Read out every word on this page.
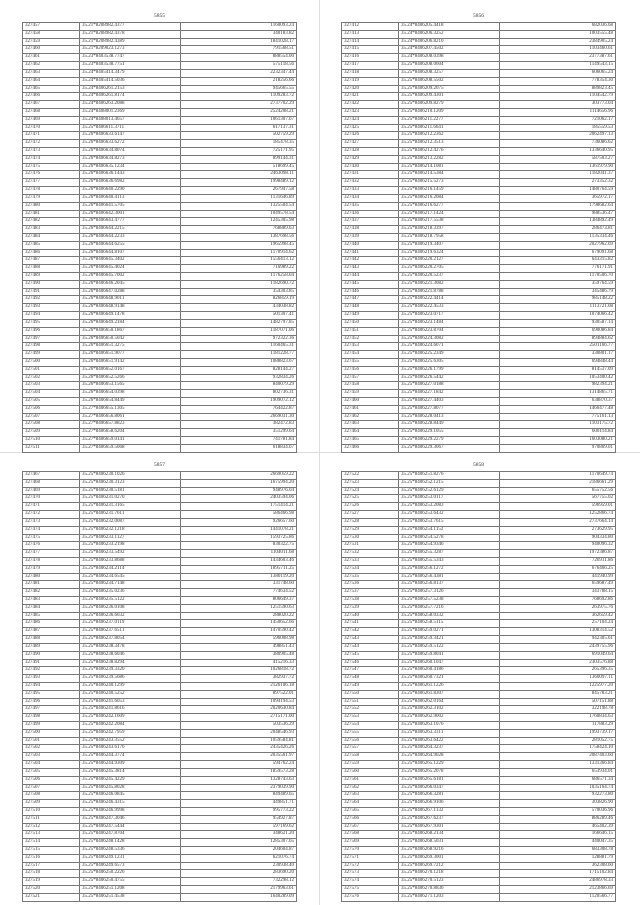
5855
327457	35.21*8208982.4377	1160093.24
327458	35.21*8208982.4378	340183.82
327459	35.21*8208982.4389	1841028.17
327460	35.21*8209023.1273	791568.51
327461	35.23*8403538.7747	888554.00
327462	35.23*8403538.7751	575118.56
327463	35.24*8405414.3479	2232347.44
327464	35.24*8405414.5036	218256.66
327465	35.24*8406261.2153	945665.55
327466	35.24*8406261.8174	1109283.72
327467	35.24*8406263.2088	2737702.29
327468	35.24*8408001.2369	2524208.21
327469	35.24*8408013.4657	1061307.67
327470	35.25*8406611.3711	617137.31
327471	35.26*8406633.6147	502759.29
327472	35.26*8406633.6272	185478.35
327473	35.26*8406634.8074	725171.95
327474	35.26*8406634.8273	899144.31
327475	35.26*8406635.1234	518699.45
327476	35.26*8406636.1443	2463098.11
327477	35.26*8406636.6982	1998489.12
327478	35.26*8406640.2290	267947.58
327479	35.26*8406640.4113	1131646.89
327480	35.26*8406641.5705	1325504.54
327481	35.26*8406642.3001	1049578.54
327482	35.26*8406643.4777	1245305.98
327483	35.26*8406644.2215	768889.63
327484	35.26*8406644.2233	1387698.56
327485	35.26*8406644.6255	1965998.45
327486	35.26*8406644.8107	1170914.62
327487	35.26*8406645.3402	1556413.12
327488	35.26*8406645.4024	716989.22
327489	35.26*8406645.7002	1176258.04
327490	35.26*8406646.2045	1182690.72
327491	35.26*8406647.0288	354303.85
327492	35.26*8406648.9011	826859.19
327493	35.26*8406648.9148	434038.82
327494	35.26*8406649.1478	501307.41
327495	35.26*8406649.2184	1482797.85
327496	35.26*8406650.1867	1187071.06
327497	35.26*8406650.5042	972322.36
327498	35.26*8406651.3275	1160465.31
327499	35.26*8406651.9077	1181228.77
327500	35.26*8406651.9142	1088823.67
327501	35.26*8406652.0167	828144.27
327502	35.26*8406652.5266	932834.26
327503	35.26*8406653.1565	840079.29
327504	35.26*8406654.0398	802736.31
327505	35.26*8406654.8449	1909072.12
327506	35.27*8406655.1305	764422.87
327507	35.27*8406656.8061	2669031.30
327508	35.27*8406657.8823	382472.83
327509	35.27*8406658.6204	351299.64
327510	35.27*8406659.0141	741781.84
327511	35.27*8406659.5068	618834.67
5856
327412	35.24*8406205.4418	682036.68
327413	35.24*8406206.3252	1003555.48
327414	35.24*8406206.8210	2384905.24
327415	35.24*8406207.4502	1103460.61
327416	35.24*8406208.0398	2377387.61
327417	35.25*8406208.0604	1149543.15
327418	35.25*8406208.3257	606065.24
327419	35.25*8406208.5502	778354.30
327420	35.25*8406209.2075	889823.45
327421	35.25*8406209.4301	1104542.79
327422	35.25*8406209.8279	303773.04
327423	35.25*8406210.1209	1114656.96
327424	35.25*8406211.2277	721062.17
327425	35.25*8406211.6641	185559.53
327426	35.25*8406212.2362	2062497.13
327427	35.25*8406212.3513	736086.62
327428	35.25*8406212.4276	1336640.95
327429	35.25*8406213.2282	587503.27
327430	35.25*8406214.1081	1361979.90
327431	35.25*8406214.5384	1182041.37
327432	35.25*8406215.5273	273352.32
327433	35.25*8406216.1459	1480764.59
327434	35.25*8406216.2084	365972.17
327435	35.25*8406216.6277	1798682.64
327436	35.25*8406217.1424	988536.47
327437	35.25*8406217.5538	1384892.49
327438	35.25*8406218.3397	286473.81
327439	35.25*8406218.7958	1135334.46
327440	35.25*8406219.3407	2027962.69
327441	35.25*8406219.6324	679091.68
327442	35.25*8406220.2127	643315.82
327443	35.25*8406220.2705	776171.91
327444	35.25*8406220.5237	1170506.70
327445	35.25*8406221.3082	359764.59
327446	35.25*8406221.8788	345486.79
327447	35.25*8406222.4414	985148.22
327448	35.25*8406222.4533	1113721.08
327449	35.25*8406223.0717	1074066.42
327450	35.25*8406223.1484	930587.14
327451	35.25*8406223.8704	690086.84
327452	35.25*8406224.3082	894884.62
327453	35.25*8406224.6071	2501166.77
327454	35.25*8406225.2349	330801.17
327455	35.25*8406225.6305	694848.44
327456	35.25*8406226.1799	814537.09
327457	35.25*8406226.5442	1053400.42
327458	35.25*8406227.0188	982394.21
327459	35.25*8406227.1842	1314865.71
327460	35.25*8406227.4403	638870.37
327461	35.25*8406227.8077	1460477.48
327462	35.25*8406228.0413	775161.13
327463	35.25*8406228.8449	1103175.72
327464	35.25*8406229.1055	600114.84
327465	35.25*8406229.2279	1603080.21
327466	35.25*8406229.3067	970869.01
5857
327467	35.25*8406230.1026	2669059.22
327468	35.25*8406230.3123	1675994.20
327469	35.25*8406230.5181	948976.04
327470	35.25*8406231.0270	2403594.06
327471	35.25*8406231.3165	1751414.21
327472	35.25*8406231.7611	586466.98
327473	35.25*8406232.0087	926657.60
327474	35.25*8406232.1218	1441078.21
327475	35.25*8406233.1127	1593725.86
327476	35.25*8406233.2198	830322.75
327477	35.25*8406233.5492	1104011.68
327478	35.25*8406233.8688	1434603.46
327479	35.25*8406234.2114	1895711.25
327480	35.25*8406234.6545	1380119.20
327481	35.25*8406234.7148	331748.60
327482	35.25*8406235.0236	774634.52
327483	35.25*8406235.5122	806649.37
327484	35.25*8406236.0108	1251590.63
327485	35.25*8406236.6032	288020.22
327486	35.25*8406237.0119	1450652.66
327487	35.25*8406237.6511	1470590.42
327488	35.25*8406237.8054	596008.98
327489	35.25*8406238.3478	498851.43
327490	35.25*8406238.6046	380905.48
327491	35.25*8406238.8294	415216.33
327492	35.25*8406239.3320	1026818.72
327493	35.25*8406239.5686	382937.72
327494	35.25*8406240.1299	2126106.18
327495	35.25*8406240.5252	897522.01
327496	35.25*8406241.6053	1094194.53
327497	35.25*8406241.8616	2020630.84
327498	35.25*8406242.1609	2715171.00
327499	35.25*8406242.2084	503536.29
327500	35.25*8406242.7959	2048546.93
327501	35.25*8406243.3552	1059584.81
327502	35.25*8406243.6176	2435426.26
327503	35.25*8406244.3774	2035561.97
327504	35.25*8406244.9309	594762.24
327505	35.25*8406245.3814	1859573.28
327506	35.25*8406245.4229	1328743.63
327507	35.25*8406245.8028	2379039.90
327508	35.25*8406246.0845	849489.65
327509	35.25*8406246.4315	449851.71
327510	35.25*8406246.9998	995773.22
327511	35.25*8406247.3046	954927.87
327512	35.25*8406247.5444	597169.62
327513	35.25*8406247.8704	348621.20
327514	35.25*8406248.1428	1285307.65
327515	35.25*8406248.5336	204604.87
327516	35.25*8406249.1231	621076.74
327517	35.25*8406249.6573	230938.40
327518	35.25*8406250.2226	283690.20
327519	35.25*8406250.4755	732298.12
327520	35.25*8406251.1208	2179963.61
327521	35.25*8406251.4538	1640289.09
5858
327522	35.25*8406251.8276	1170649.74
327523	35.25*8406252.1215	2186661.29
327524	35.25*8406252.6129	655752.56
327525	35.25*8406253.0117	567755.02
327526	35.25*8406253.2083	596959.01
327527	35.25*8406253.6432	1252866.74
327528	35.25*8406253.7615	2737664.14
327529	35.25*8406254.1152	273629.95
327530	35.25*8406254.5278	904334.80
327531	35.25*8406254.9346	940096.32
327532	35.25*8406255.3287	1972386.87
327533	35.25*8406255.5343	726911.86
327534	35.25*8406256.1272	676466.25
327535	35.25*8406256.4381	441940.99
327536	35.25*8406256.8137	659687.49
327537	35.25*8406257.3126	343788.15
327538	35.25*8406257.5238	768692.86
327539	35.25*8406257.7216	263975.76
327540	35.25*8406258.0332	362659.42
327541	35.25*8406258.5115	257104.24
327542	35.25*8406259.0271	1308314.52
327543	35.25*8406259.3421	942305.61
327544	35.25*8406259.5122	2439755.96
327545	35.25*8406259.8041	691049.64
327546	35.25*8406260.1047	2303576.88
327547	35.25*8406260.4186	265396.35
327548	35.25*8406260.7321	1360097.11
327549	35.25*8406261.1226	1225977.20
327550	35.25*8406261.8307	845783.21
327551	35.25*8406262.0164	507151.88
327552	35.25*8406262.3102	322198.78
327553	35.25*8406262.9002	1760834.63
327554	35.25*8406263.1076	117883.29
327555	35.25*8406263.3311	1993739.17
327556	35.25*8406263.6422	281052.75
327557	35.25*8406264.3237	1758424.10
327558	35.25*8406264.9028	2087403.60
327559	35.25*8406265.1229	1331366.84
327560	35.25*8406265.2078	653934.01
327561	35.25*8406265.6181	686571.34
327562	35.25*8406266.0347	1035164.74
327563	35.25*8406266.3281	932273.80
327564	35.25*8406266.9106	303826.90
327565	35.25*8406267.1132	570036.96
327566	35.25*8406267.6237	886289.46
327567	35.25*8406267.9301	465402.39
327568	35.25*8406268.2134	166646.15
327569	35.25*8406268.5031	440047.35
327570	35.25*8406268.9216	683308.78
327571	35.25*8406269.3001	128881.79
327572	35.25*8406269.7212	362308.60
327573	35.25*8406270.1218	1715102.84
327574	35.25*8406270.5123	2486978.33
327575	35.25*8406270.8836	2123866.69
327576	35.25*8406271.1203	1120566.77
